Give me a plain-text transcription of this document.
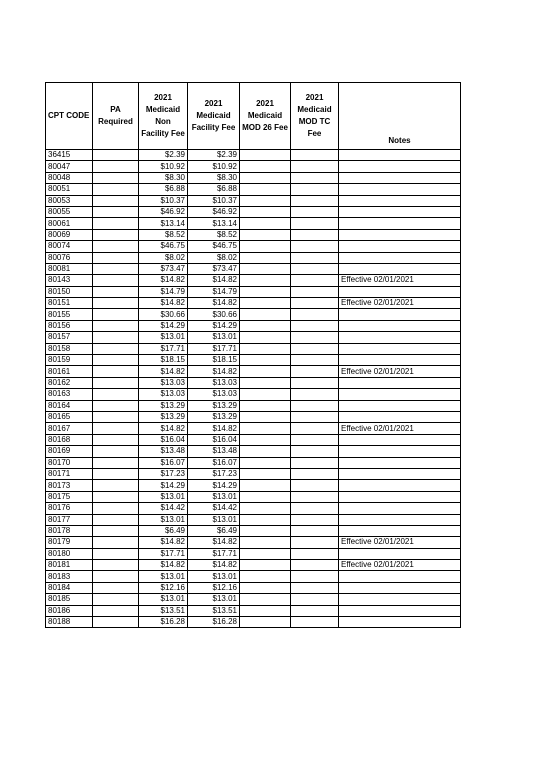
CPT CODE	PA Required	2021 Medicaid Non Facility Fee	2021 Medicaid Facility Fee	2021 Medicaid MOD 26 Fee	2021 Medicaid MOD TC Fee	Notes
36415		$2.39	$2.39			
80047		$10.92	$10.92			
80048		$8.30	$8.30			
80051		$6.88	$6.88			
80053		$10.37	$10.37			
80055		$46.92	$46.92			
80061		$13.14	$13.14			
80069		$8.52	$8.52			
80074		$46.75	$46.75			
80076		$8.02	$8.02			
80081		$73.47	$73.47			
80143		$14.82	$14.82			Effective 02/01/2021
80150		$14.79	$14.79			
80151		$14.82	$14.82			Effective 02/01/2021
80155		$30.66	$30.66			
80156		$14.29	$14.29			
80157		$13.01	$13.01			
80158		$17.71	$17.71			
80159		$18.15	$18.15			
80161		$14.82	$14.82			Effective 02/01/2021
80162		$13.03	$13.03			
80163		$13.03	$13.03			
80164		$13.29	$13.29			
80165		$13.29	$13.29			
80167		$14.82	$14.82			Effective 02/01/2021
80168		$16.04	$16.04			
80169		$13.48	$13.48			
80170		$16.07	$16.07			
80171		$17.23	$17.23			
80173		$14.29	$14.29			
80175		$13.01	$13.01			
80176		$14.42	$14.42			
80177		$13.01	$13.01			
80178		$6.49	$6.49			
80179		$14.82	$14.82			Effective 02/01/2021
80180		$17.71	$17.71			
80181		$14.82	$14.82			Effective 02/01/2021
80183		$13.01	$13.01			
80184		$12.16	$12.16			
80185		$13.01	$13.01			
80186		$13.51	$13.51			
80188		$16.28	$16.28			
